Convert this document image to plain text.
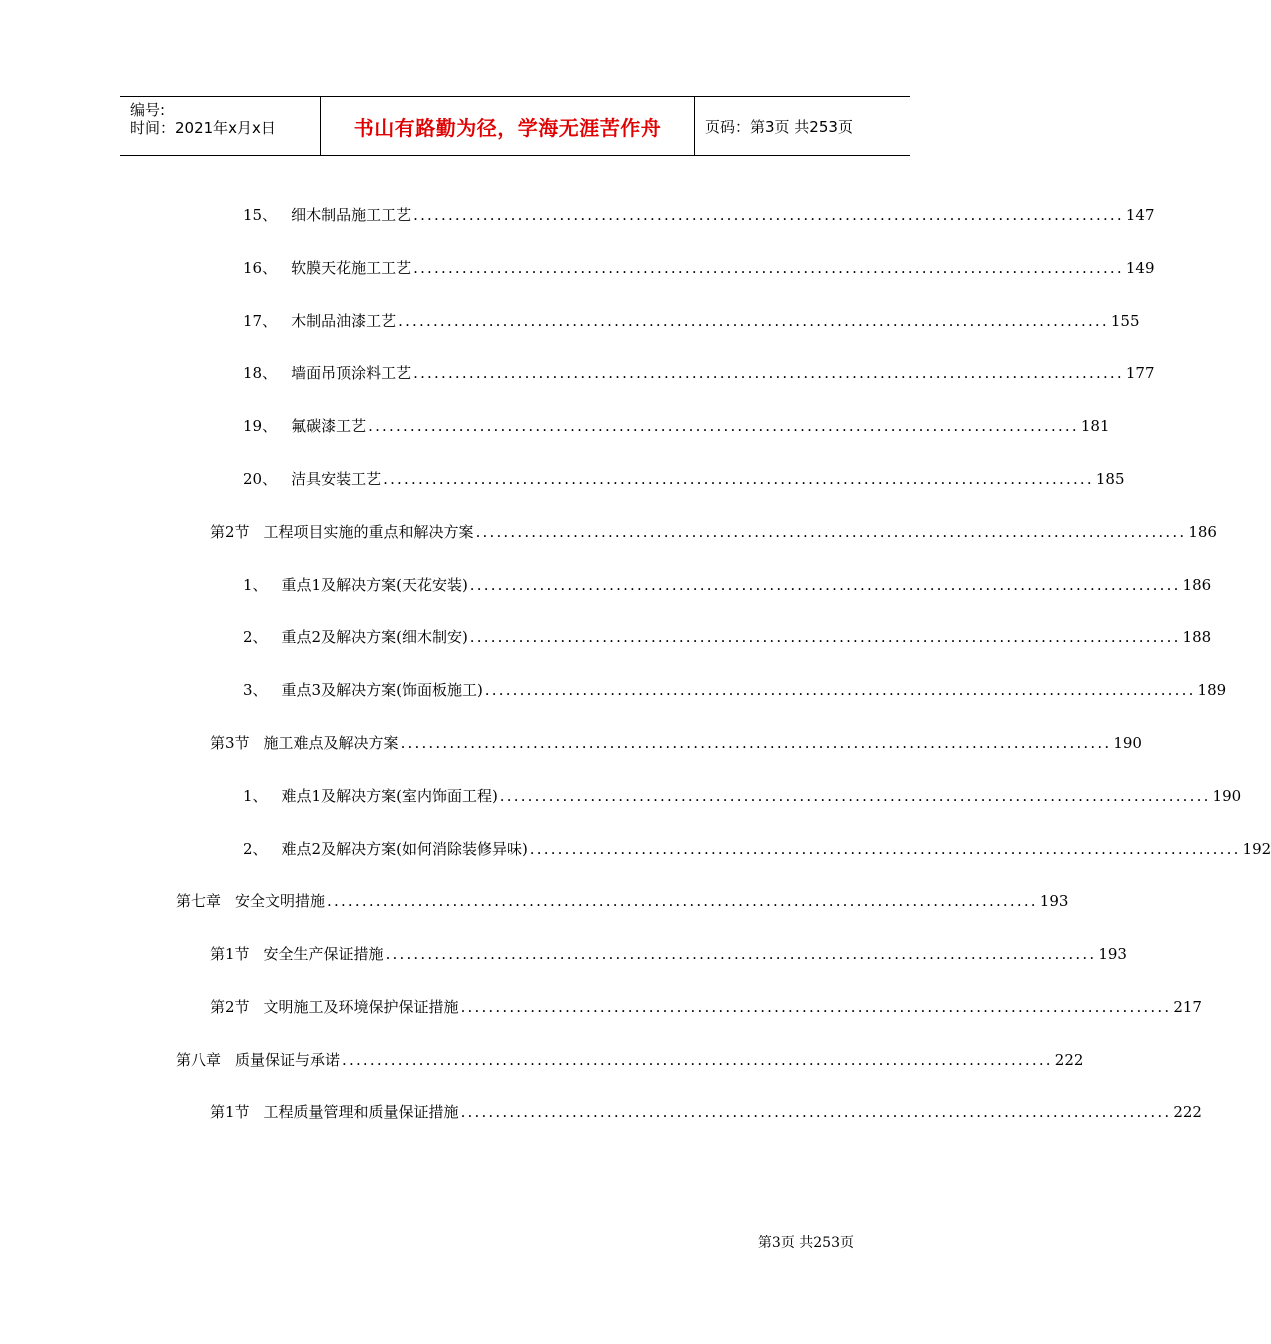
编号:
时间：2021年x月x日	书山有路勤为径，学海无涯苦作舟	页码：第3页 共253页
15、 细木制品施工工艺 ...................................................................................................... 147
16、 软膜天花施工工艺 ...................................................................................................... 149
17、 木制品油漆工艺 ...................................................................................................... 155
18、 墙面吊顶涂料工艺 ...................................................................................................... 177
19、 氟碳漆工艺 ...................................................................................................... 181
20、 洁具安装工艺 ...................................................................................................... 185
第2节 工程项目实施的重点和解决方案 ...................................................................................................... 186
1、 重点1及解决方案(天花安装) ...................................................................................................... 186
2、 重点2及解决方案(细木制安) ...................................................................................................... 188
3、 重点3及解决方案(饰面板施工) ...................................................................................................... 189
第3节 施工难点及解决方案 ...................................................................................................... 190
1、 难点1及解决方案(室内饰面工程) ...................................................................................................... 190
2、 难点2及解决方案(如何消除装修异味) ...................................................................................................... 192
第七章 安全文明措施 ...................................................................................................... 193
第1节 安全生产保证措施 ...................................................................................................... 193
第2节 文明施工及环境保护保证措施 ...................................................................................................... 217
第八章 质量保证与承诺 ...................................................................................................... 222
第1节 工程质量管理和质量保证措施 ...................................................................................................... 222
第3页 共253页
